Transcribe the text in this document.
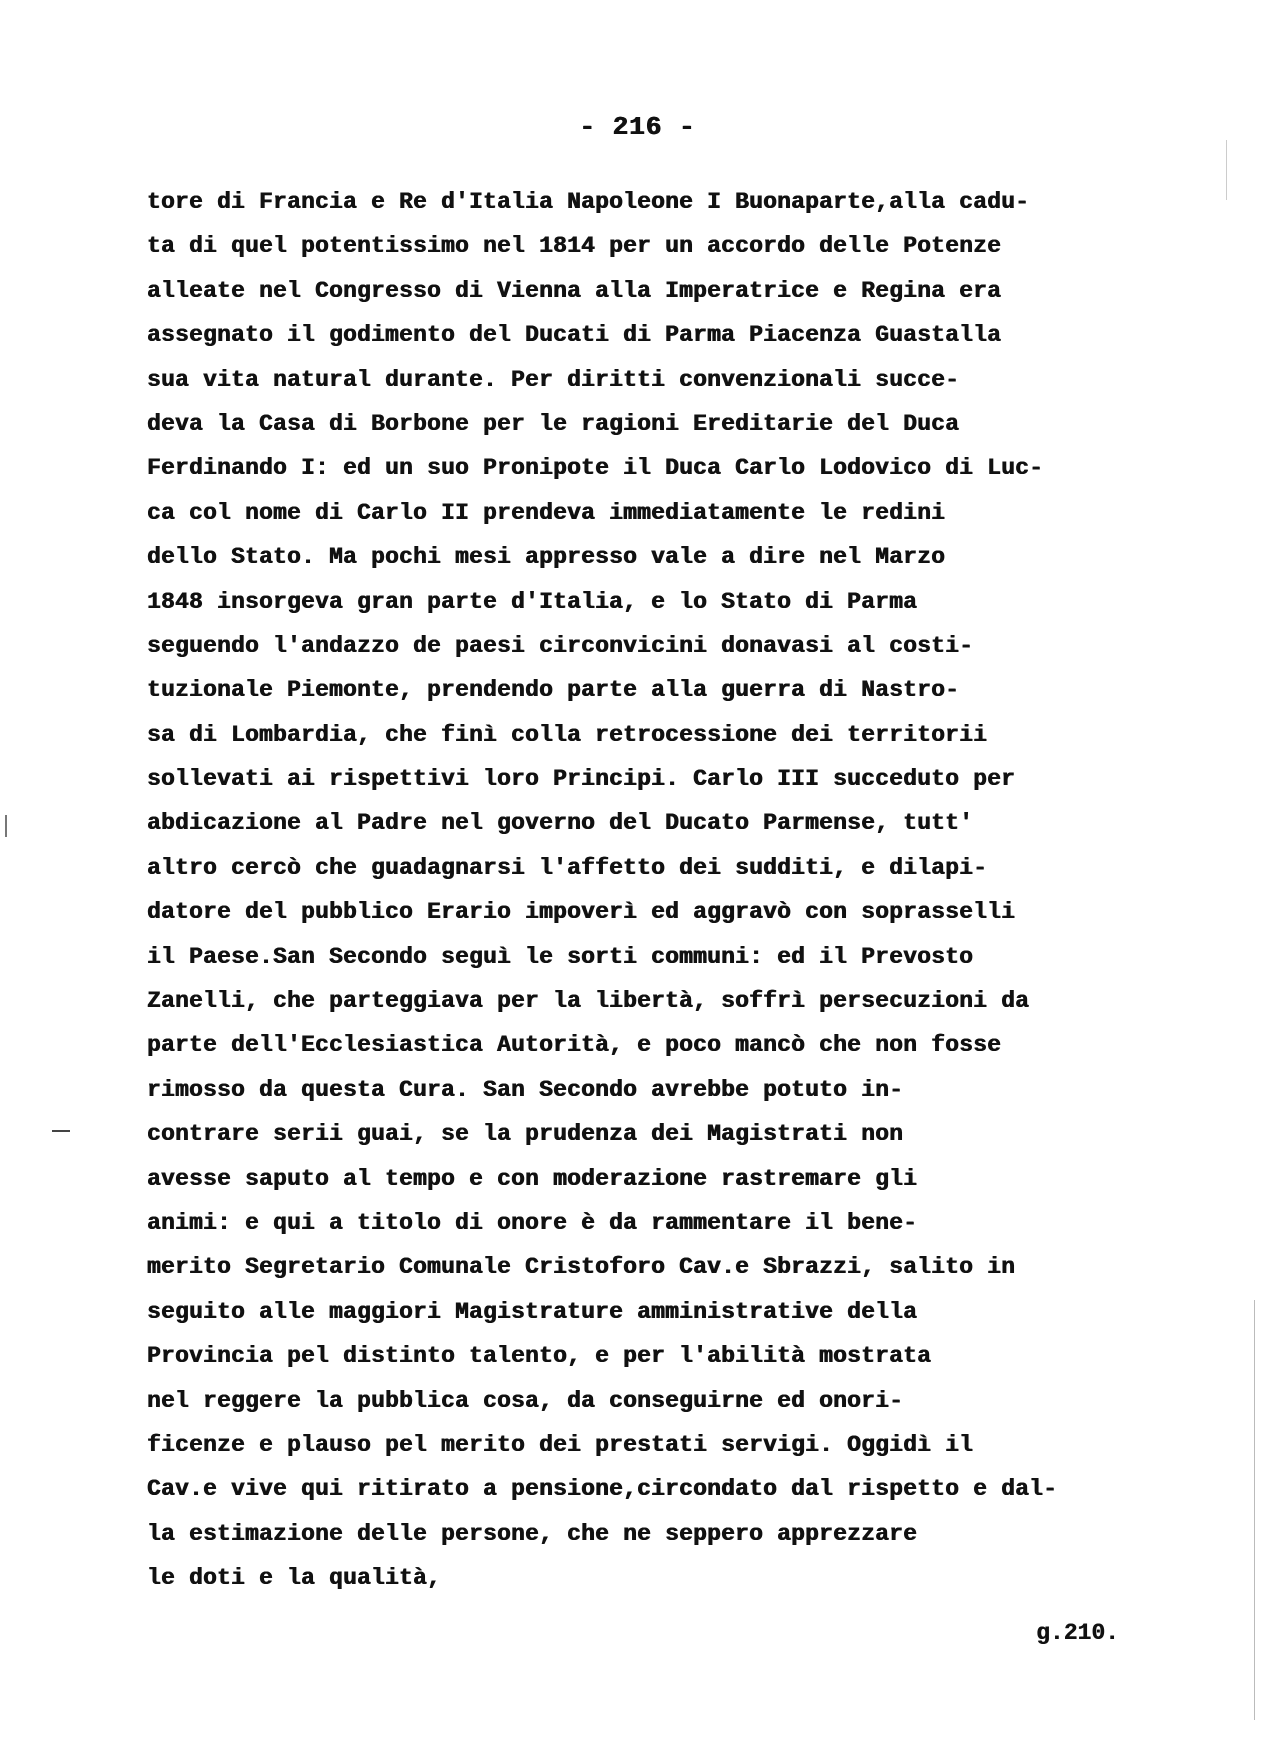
- 216 -
tore di Francia e Re d'Italia Napoleone I Buonaparte,alla cadu-
ta di quel potentissimo nel 1814 per un accordo delle Potenze
alleate nel Congresso di Vienna alla Imperatrice e Regina era
assegnato il godimento del Ducati di Parma Piacenza Guastalla
sua vita natural durante. Per diritti convenzionali succe-
deva la Casa di Borbone per le ragioni Ereditarie del Duca
Ferdinando I: ed un suo Pronipote il Duca Carlo Lodovico di Luc-
ca col nome di Carlo II prendeva immediatamente le redini
dello Stato. Ma pochi mesi appresso vale a dire nel Marzo
1848 insorgeva gran parte d'Italia, e lo Stato di Parma
seguendo l'andazzo de paesi circonvicini donavasi al costi-
tuzionale Piemonte, prendendo parte alla guerra di Nastro-
sa di Lombardia, che finì colla retrocessione dei territorii
sollevati ai rispettivi loro Principi. Carlo III succeduto per
abdicazione al Padre nel governo del Ducato Parmense, tutt'
altro cercò che guadagnarsi l'affetto dei sudditi, e dilapi-
datore del pubblico Erario impoverì ed aggravò con soprasselli
il Paese.San Secondo seguì le sorti communi: ed il Prevosto
Zanelli, che parteggiava per la libertà, soffrì persecuzioni da
parte dell'Ecclesiastica Autorità, e poco mancò che non fosse
rimosso da questa Cura. San Secondo avrebbe potuto in-
contrare serii guai, se la prudenza dei Magistrati non
avesse saputo al tempo e con moderazione rastremare gli
animi: e qui a titolo di onore è da rammentare il bene-
merito Segretario Comunale Cristoforo Cav.e Sbrazzi, salito in
seguito alle maggiori Magistrature amministrative della
Provincia pel distinto talento, e per l'abilità mostrata
nel reggere la pubblica cosa, da conseguirne ed onori-
ficenze e plauso pel merito dei prestati servigi. Oggidì il
Cav.e vive qui ritirato a pensione,circondato dal rispetto e dal-
la estimazione delle persone, che ne seppero apprezzare
le doti e la qualità,
g.210.
